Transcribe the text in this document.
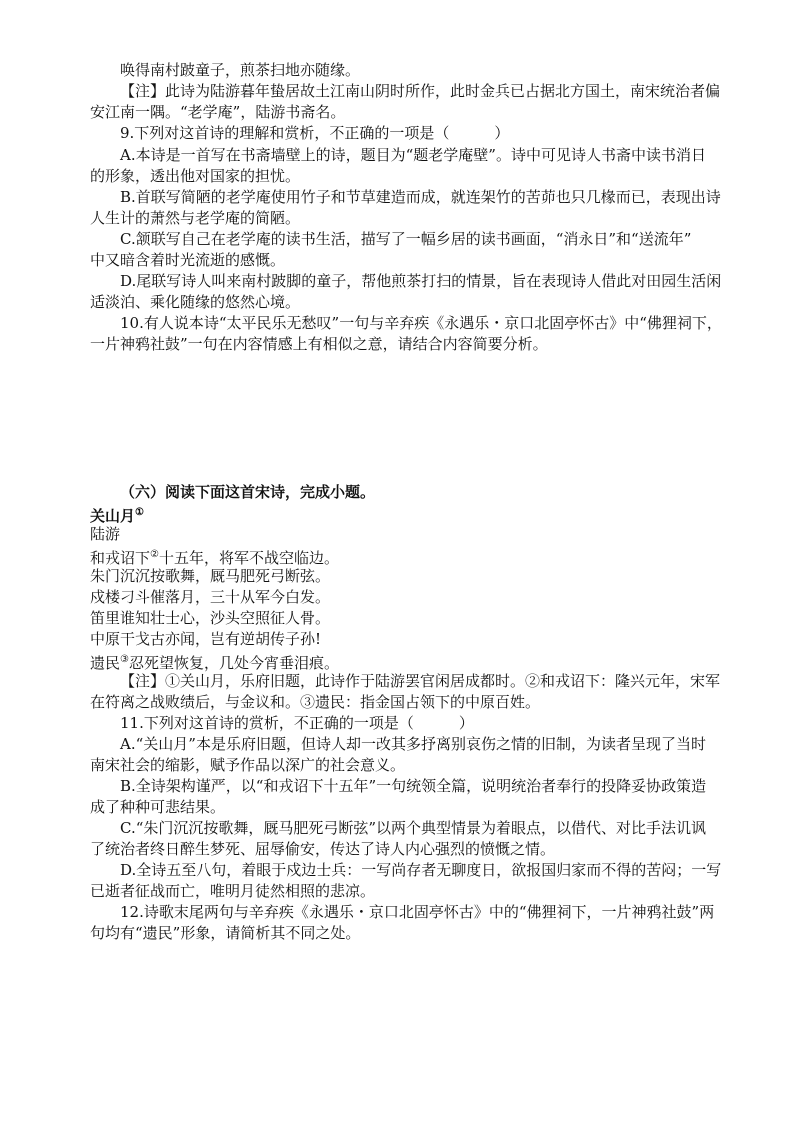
唤得南村跛童子，煎茶扫地亦随缘。
【注】此诗为陆游暮年蛰居故土江南山阴时所作，此时金兵已占据北方国土，南宋统治者偏
安江南一隅。“老学庵”，陆游书斋名。
9.下列对这首诗的理解和赏析，不正确的一项是（　　　）
A.本诗是一首写在书斋墙壁上的诗，题目为“题老学庵壁”。诗中可见诗人书斋中读书消日
的形象，透出他对国家的担忧。
B.首联写简陋的老学庵使用竹子和节草建造而成，就连架竹的苦茆也只几椽而已，表现出诗
人生计的萧然与老学庵的简陋。
C.颔联写自己在老学庵的读书生活，描写了一幅乡居的读书画面，“消永日”和“送流年”
中又暗含着时光流逝的感慨。
D.尾联写诗人叫来南村跛脚的童子，帮他煎茶打扫的情景，旨在表现诗人借此对田园生活闲
适淡泊、乘化随缘的悠然心境。
10.有人说本诗“太平民乐无愁叹”一句与辛弃疾《永遇乐・京口北固亭怀古》中“佛狸祠下，
一片神鸦社鼓”一句在内容情感上有相似之意，请结合内容简要分析。
（六）阅读下面这首宋诗，完成小题。
关山月①
陆游
和戎诏下②十五年，将军不战空临边。
朱门沉沉按歌舞，厩马肥死弓断弦。
戍楼刁斗催落月，三十从军今白发。
笛里谁知壮士心，沙头空照征人骨。
中原干戈古亦闻，岂有逆胡传子孙!
遗民③忍死望恢复，几处今宵垂泪痕。
【注】①关山月，乐府旧题，此诗作于陆游罢官闲居成都时。②和戎诏下：隆兴元年，宋军
在符离之战败绩后，与金议和。③遗民：指金国占领下的中原百姓。
11.下列对这首诗的赏析，不正确的一项是（　　　）
A.“关山月”本是乐府旧题，但诗人却一改其多抒离别哀伤之情的旧制，为读者呈现了当时
南宋社会的缩影，赋予作品以深广的社会意义。
B.全诗架构谨严，以“和戎诏下十五年”一句统领全篇，说明统治者奉行的投降妥协政策造
成了种种可悲结果。
C.“朱门沉沉按歌舞，厩马肥死弓断弦”以两个典型情景为着眼点，以借代、对比手法讥讽
了统治者终日醉生梦死、屈辱偷安，传达了诗人内心强烈的愤慨之情。
D.全诗五至八句，着眼于戍边士兵：一写尚存者无聊度日，欲报国归家而不得的苦闷；一写
已逝者征战而亡，唯明月徒然相照的悲凉。
12.诗歌末尾两句与辛弃疾《永遇乐・京口北固亭怀古》中的“佛狸祠下，一片神鸦社鼓”两
句均有“遗民”形象，请简析其不同之处。
